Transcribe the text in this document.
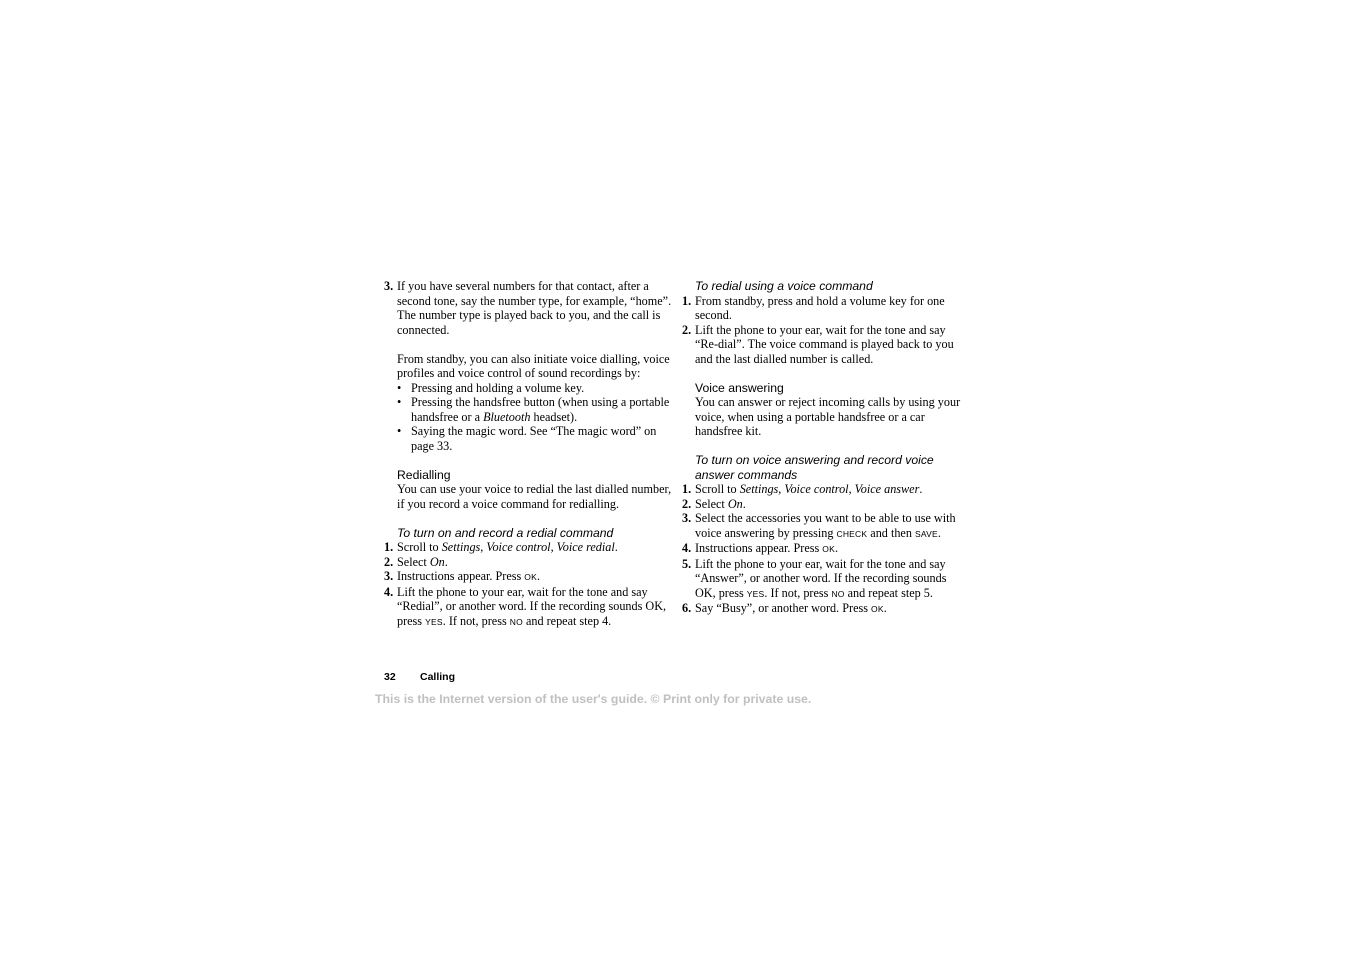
3. If you have several numbers for that contact, after a second tone, say the number type, for example, “home”. The number type is played back to you, and the call is connected.
From standby, you can also initiate voice dialling, voice profiles and voice control of sound recordings by:
• Pressing and holding a volume key.
• Pressing the handsfree button (when using a portable handsfree or a Bluetooth headset).
• Saying the magic word. See “The magic word” on page 33.
Redialling
You can use your voice to redial the last dialled number, if you record a voice command for redialling.
To turn on and record a redial command
1. Scroll to Settings, Voice control, Voice redial.
2. Select On.
3. Instructions appear. Press OK.
4. Lift the phone to your ear, wait for the tone and say “Redial”, or another word. If the recording sounds OK, press YES. If not, press NO and repeat step 4.
To redial using a voice command
1. From standby, press and hold a volume key for one second.
2. Lift the phone to your ear, wait for the tone and say “Re-dial”. The voice command is played back to you and the last dialled number is called.
Voice answering
You can answer or reject incoming calls by using your voice, when using a portable handsfree or a car handsfree kit.
To turn on voice answering and record voice answer commands
1. Scroll to Settings, Voice control, Voice answer.
2. Select On.
3. Select the accessories you want to be able to use with voice answering by pressing CHECK and then SAVE.
4. Instructions appear. Press OK.
5. Lift the phone to your ear, wait for the tone and say “Answer”, or another word. If the recording sounds OK, press YES. If not, press NO and repeat step 5.
6. Say “Busy”, or another word. Press OK.
32 Calling
This is the Internet version of the user's guide. © Print only for private use.
